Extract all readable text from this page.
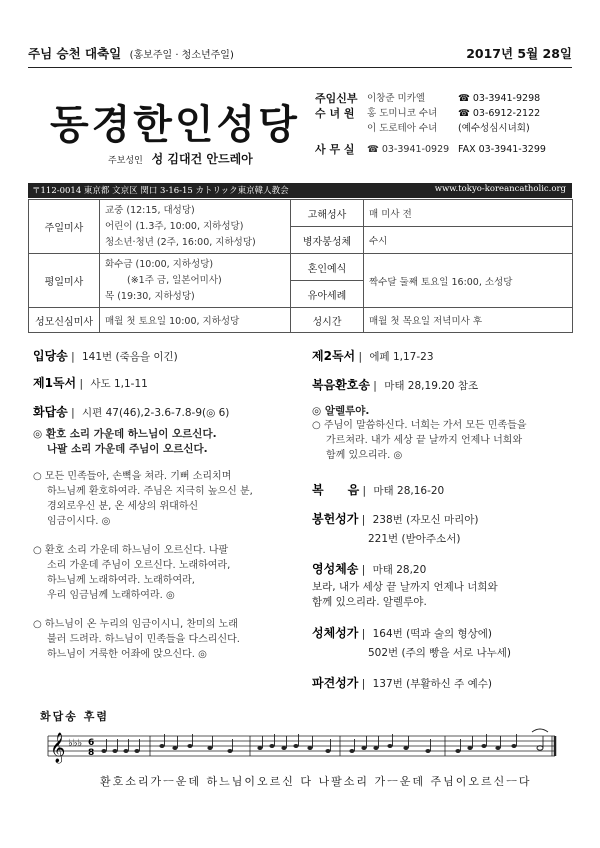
주님 승천 대축일 (홍보주일 · 청소년주일)	2017년 5월 28일
동경한인성당
주보성인 성 김대건 안드레아
주임신부 이창준 미카엘	☎ 03-3941-9298
수 녀 원 홍 도미니코 수녀 ☎ 03-6912-2122
이 도로테아 수녀 (예수성심시녀회)
사 무 실 ☎ 03-3941-0929 FAX 03-3941-3299
〒112-0014 東京都 文京区 関口 3-16-15 カトリック東京韓人教会	www.tokyo-koreancatholic.org
주일미사	교중 (12:15, 대성당)
어린이 (1.3주, 10:00, 지하성당)
청소년·청년 (2주, 16:00, 지하성당)	고해성사	매 미사 전
		병자봉성체	수시
평일미사	화수금 (10:00, 지하성당)
(※1주 금, 일본어미사)
목 (19:30, 지하성당)	혼인예식	짝수달 둘째 토요일 16:00, 소성당
		유아세례	
성모신심미사	매월 첫 토요일 10:00, 지하성당	성시간	매월 첫 목요일 저녁미사 후
입당송 | 141번 (죽음을 이긴)
제1독서 | 사도 1,1-11
화답송 | 시편 47(46),2-3.6-7.8-9(◎ 6)
◎ 환호 소리 가운데 하느님이 오르신다.
나팔 소리 가운데 주님이 오르신다.
○ 모든 민족들아, 손뼉을 쳐라. 기뻐 소리치며
하느님께 환호하여라. 주님은 지극히 높으신 분,
경외로우신 분, 온 세상의 위대하신
임금이시다. ◎
○ 환호 소리 가운데 하느님이 오르신다. 나팔
소리 가운데 주님이 오르신다. 노래하여라,
하느님께 노래하여라. 노래하여라,
우리 임금님께 노래하여라. ◎
○ 하느님이 온 누리의 임금이시니, 찬미의 노래
불러 드려라. 하느님이 민족들을 다스리신다.
하느님이 거룩한 어좌에 앉으신다. ◎
제2독서 | 에페 1,17-23
복음환호송 | 마태 28,19.20 참조
◎ 알렐루야.
○ 주님이 말씀하신다. 너희는 가서 모든 민족들을
가르쳐라. 내가 세상 끝 날까지 언제나 너희와
함께 있으리라. ◎
복　　음 | 마태 28,16-20
봉헌성가 | 238번 (자모신 마리아)
221번 (받아주소서)
영성체송 | 마태 28,20
보라, 내가 세상 끝 날까지 언제나 너희와
함께 있으리라. 알렐루야.
성체성가 | 164번 (떡과 술의 형상에)
502번 (주의 빵을 서로 나누세)
파견성가 | 137번 (부활하신 주 예수)
화답송 후렴
𝄞 ♭♭♭ 6
8
환호소리가ㅡ운데 하느님이오르신 다 나팔소리 가ㅡ운데 주님이오르신ㅡ다
